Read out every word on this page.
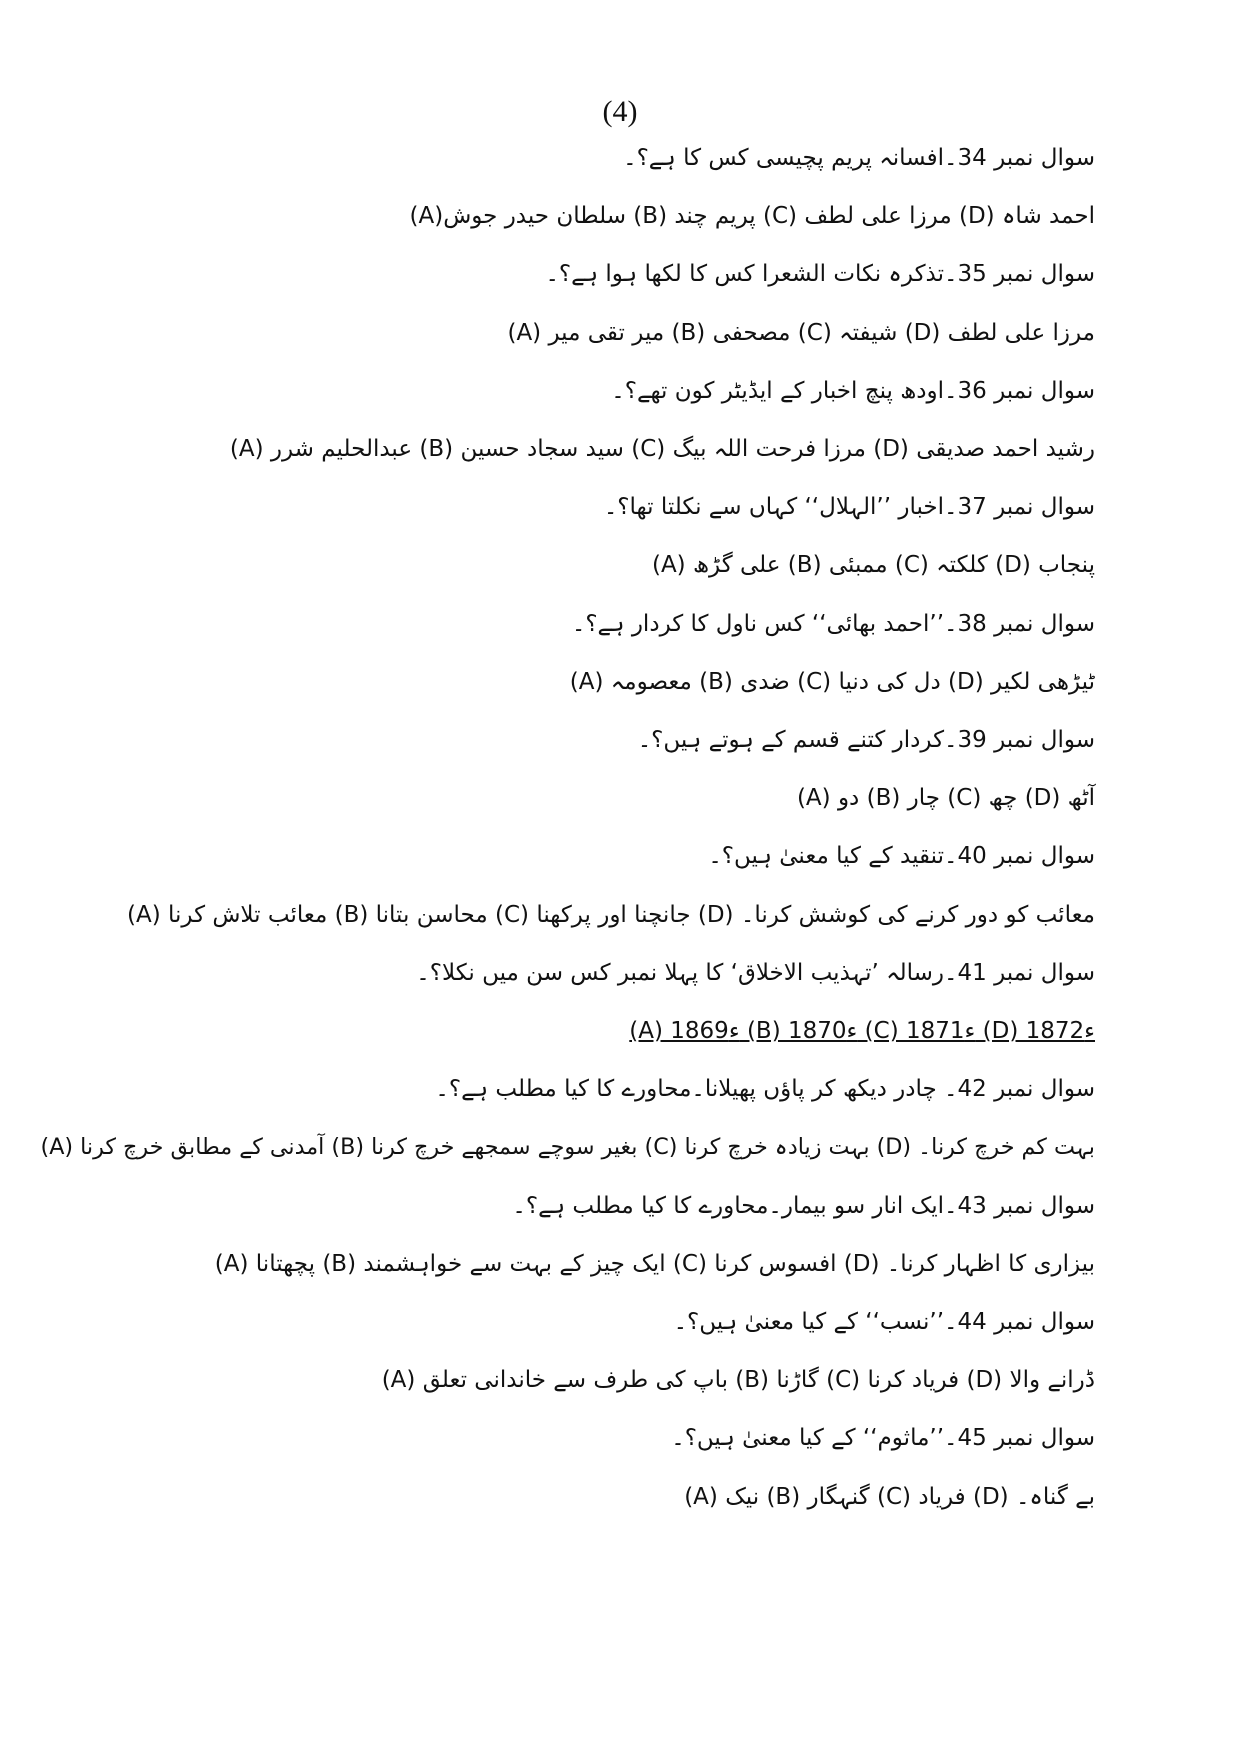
(4)
سوال نمبر 34۔افسانہ پریم پچیسی کس کا ہے؟۔
(A)سلطان حیدر جوش (B) پریم چند (C) مرزا علی لطف (D) احمد شاہ
سوال نمبر 35۔تذکرہ نکات الشعرا کس کا لکھا ہوا ہے؟۔
(A) میر تقی میر (B) مصحفی (C) شیفتہ (D) مرزا علی لطف
سوال نمبر 36۔اودھ پنچ اخبار کے ایڈیٹر کون تھے؟۔
(A) عبدالحلیم شرر (B) سید سجاد حسین (C) مرزا فرحت اللہ بیگ (D) رشید احمد صدیقی
سوال نمبر 37۔اخبار ’’الہلال‘‘ کہاں سے نکلتا تھا؟۔
(A) علی گڑھ (B) ممبئی (C) کلکتہ (D) پنجاب
سوال نمبر 38۔’’احمد بھائی‘‘ کس ناول کا کردار ہے؟۔
(A) معصومہ (B) ضدی (C) دل کی دنیا (D) ٹیڑھی لکیر
سوال نمبر 39۔کردار کتنے قسم کے ہوتے ہیں؟۔
(A) دو (B) چار (C) چھ (D) آٹھ
سوال نمبر 40۔تنقید کے کیا معنیٰ ہیں؟۔
(A) معائب تلاش کرنا (B) محاسن بتانا (C) جانچنا اور پرکھنا (D) معائب کو دور کرنے کی کوشش کرنا۔
سوال نمبر 41۔رسالہ ’تہذیب الاخلاق‘ کا پہلا نمبر کس سن میں نکلا؟۔
(A) 1869ء (B) 1870ء (C) 1871ء (D) 1872ء
سوال نمبر 42۔ چادر دیکھ کر پاؤں پھیلانا۔محاورے کا کیا مطلب ہے؟۔
(A) آمدنی کے مطابق خرچ کرنا (B) بغیر سوچے سمجھے خرچ کرنا (C) بہت زیادہ خرچ کرنا (D) بہت کم خرچ کرنا۔
سوال نمبر 43۔ایک انار سو بیمار۔محاورے کا کیا مطلب ہے؟۔
(A) پچھتانا (B) ایک چیز کے بہت سے خواہشمند (C) افسوس کرنا (D) بیزاری کا اظہار کرنا۔
سوال نمبر 44۔’’نسب‘‘ کے کیا معنیٰ ہیں؟۔
(A) باپ کی طرف سے خاندانی تعلق (B) گاڑنا (C) فریاد کرنا (D) ڈرانے والا
سوال نمبر 45۔’’ماثوم‘‘ کے کیا معنیٰ ہیں؟۔
(A) نیک (B) گنہگار (C) فریاد (D) بے گناہ۔
